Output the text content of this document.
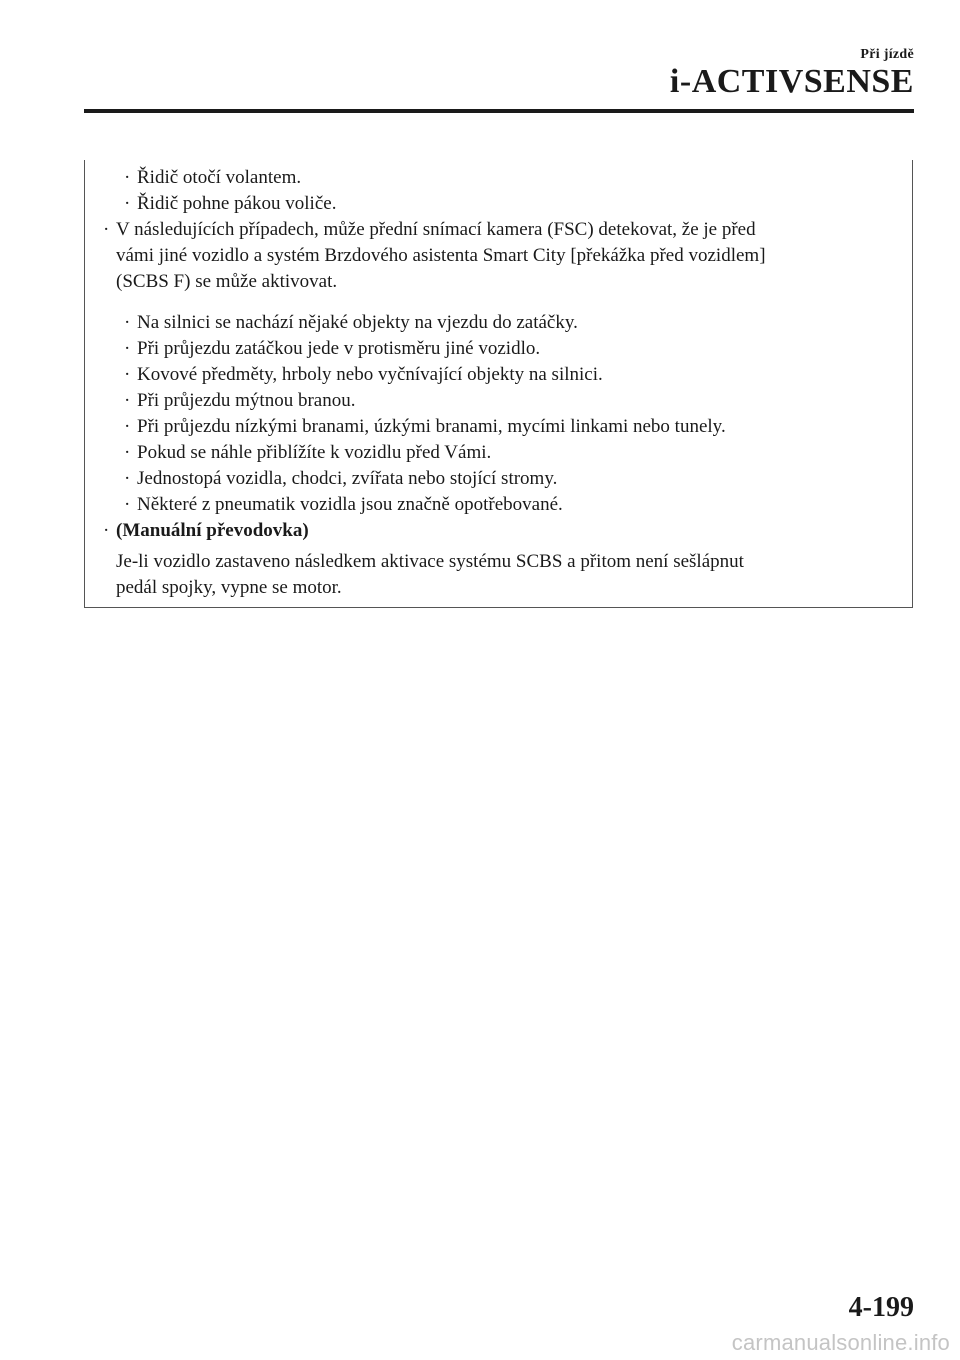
Při jízdě
i-ACTIVSENSE
· Řidič otočí volantem.
· Řidič pohne pákou voliče.
· V následujících případech, může přední snímací kamera (FSC) detekovat, že je před
vámi jiné vozidlo a systém Brzdového asistenta Smart City [překážka před vozidlem]
(SCBS F) se může aktivovat.
· Na silnici se nachází nějaké objekty na vjezdu do zatáčky.
· Při průjezdu zatáčkou jede v protisměru jiné vozidlo.
· Kovové předměty, hrboly nebo vyčnívající objekty na silnici.
· Při průjezdu mýtnou branou.
· Při průjezdu nízkými branami, úzkými branami, mycími linkami nebo tunely.
· Pokud se náhle přiblížíte k vozidlu před Vámi.
· Jednostopá vozidla, chodci, zvířata nebo stojící stromy.
· Některé z pneumatik vozidla jsou značně opotřebované.
· (Manuální převodovka)
Je-li vozidlo zastaveno následkem aktivace systému SCBS a přitom není sešlápnut
pedál spojky, vypne se motor.
4-199
carmanualsonline.info
